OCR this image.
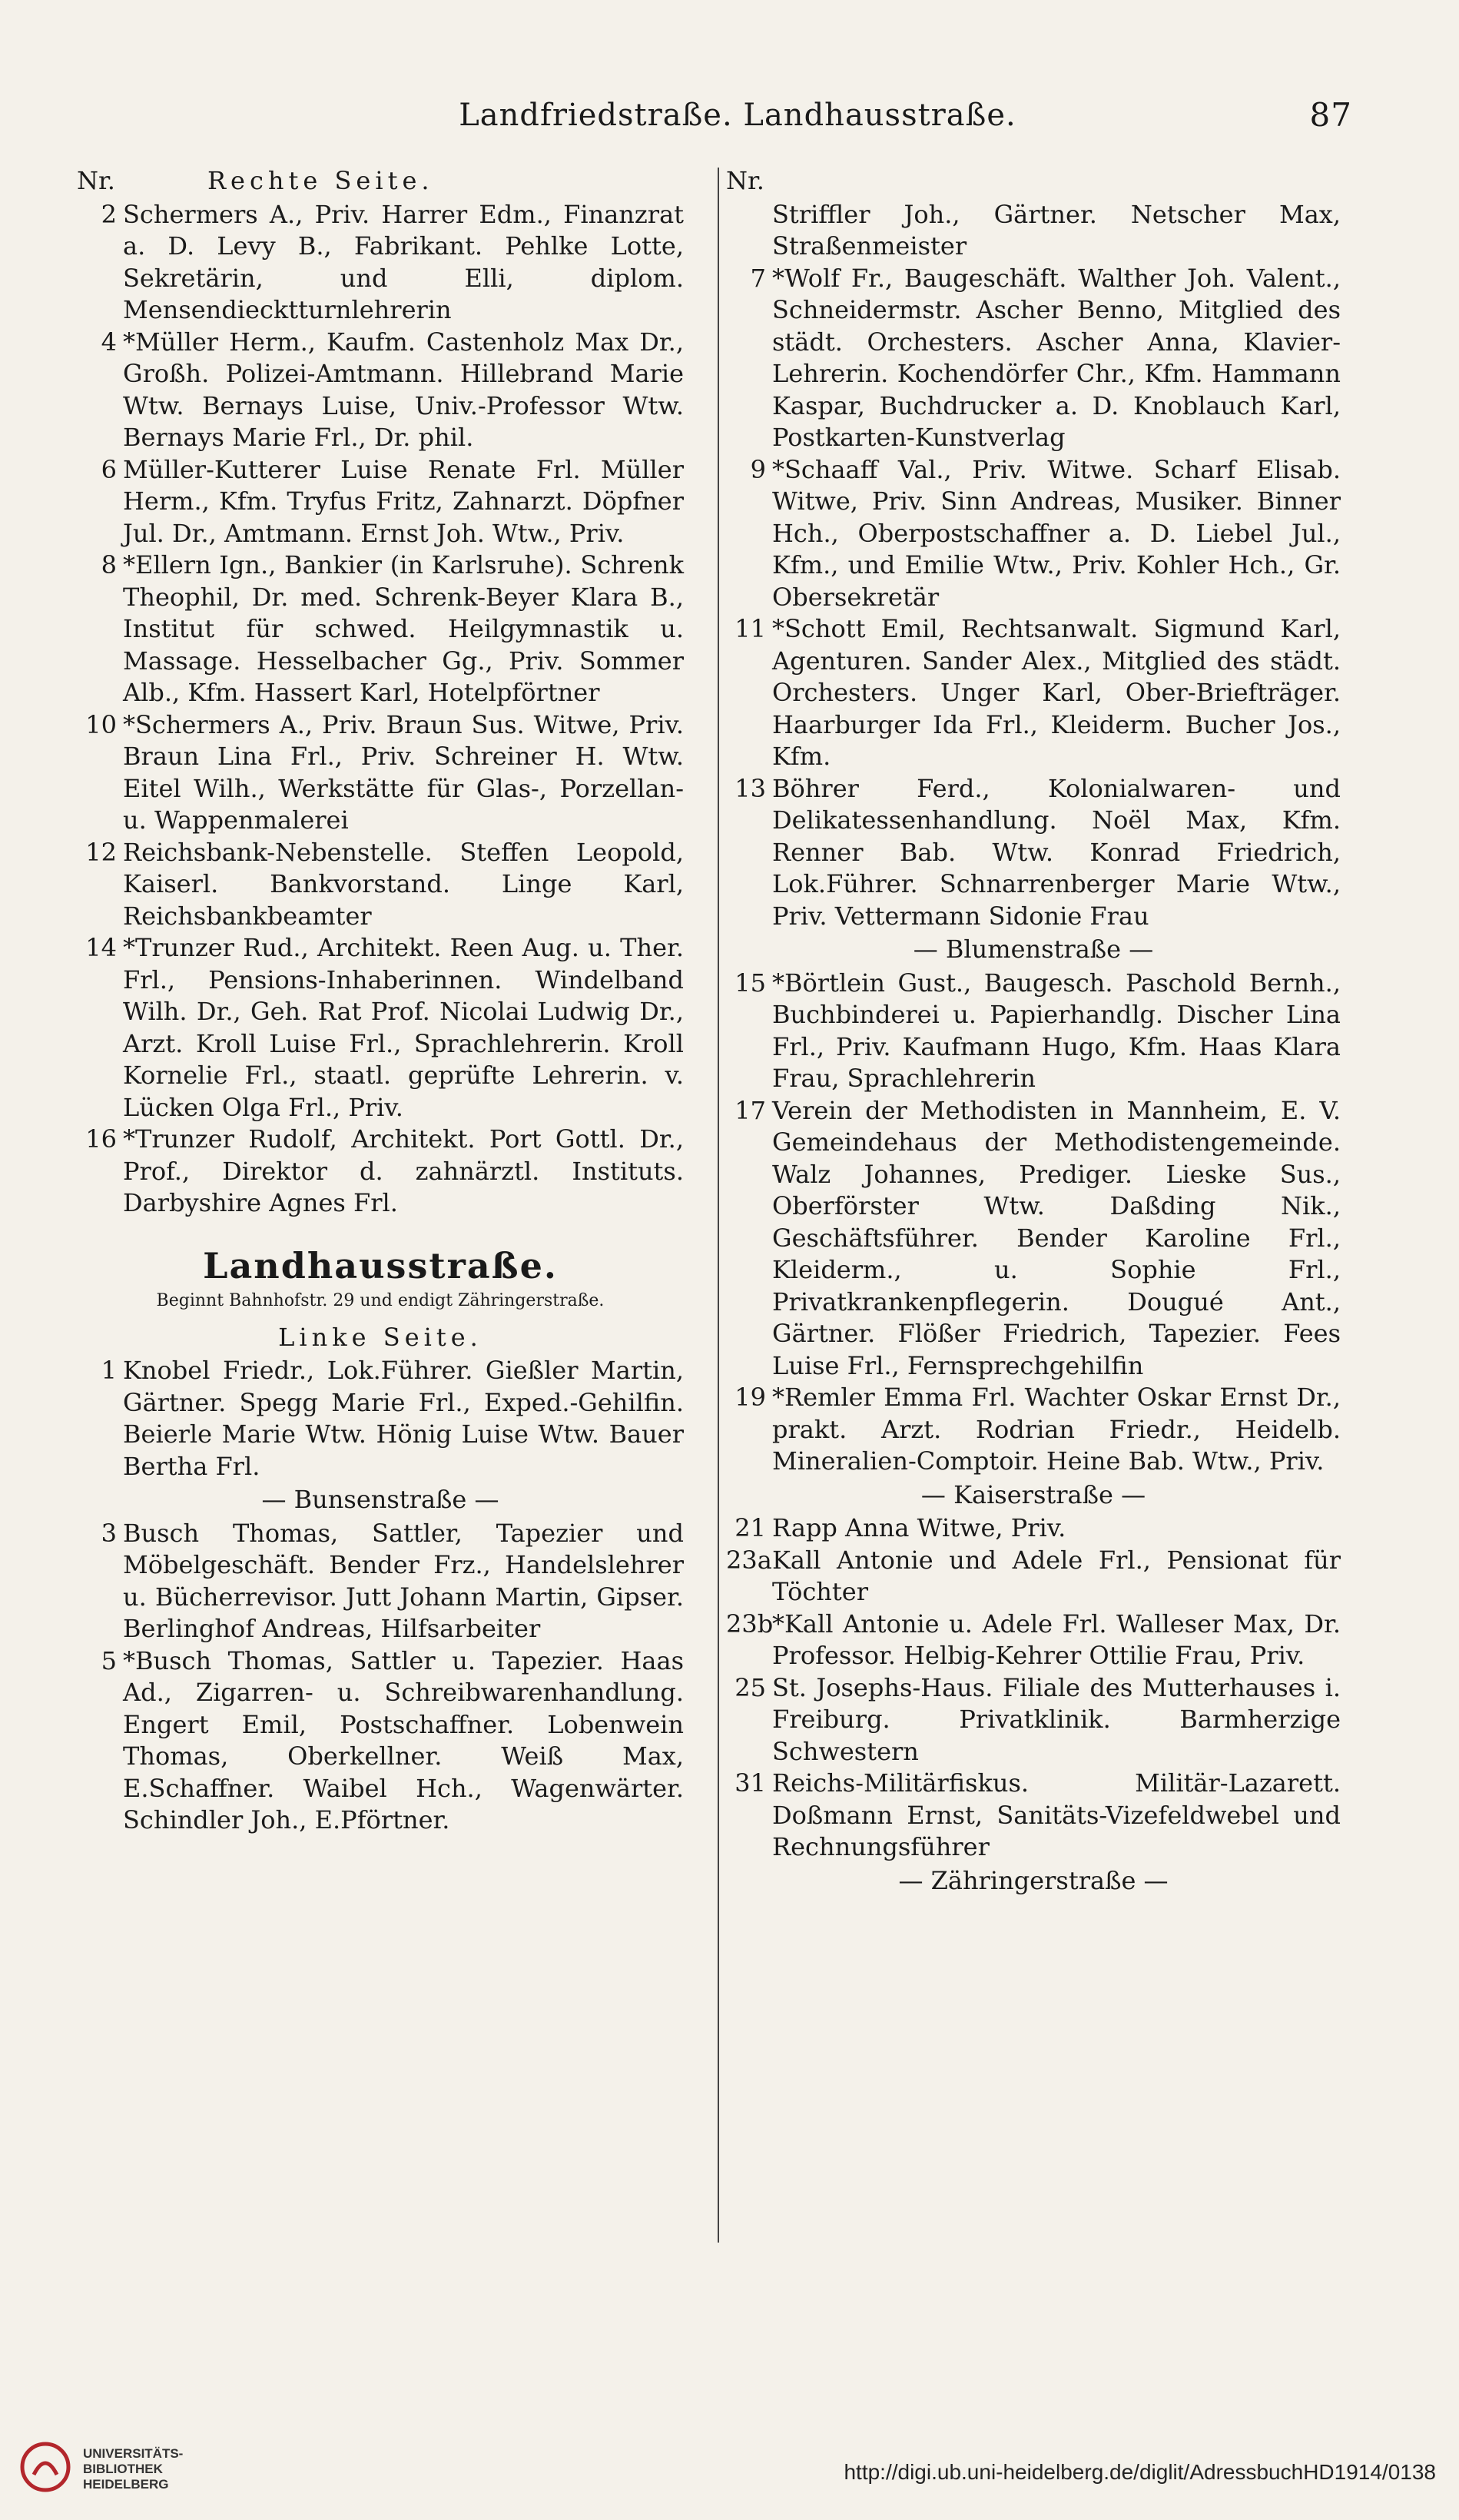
Landfriedstraße. Landhausstraße.	87
Nr.	Rechte Seite.
2 Schermers A., Priv. Harrer Edm., Finanzrat a. D. Levy B., Fabrikant. Pehlke Lotte, Sekretärin, und Elli, diplom. Mensendiecktturnlehrerin
4 *Müller Herm., Kaufm. Castenholz Max Dr., Großh. Polizei-Amtmann. Hillebrand Marie Wtw. Bernays Luise, Univ.-Professor Wtw. Bernays Marie Frl., Dr. phil.
6 Müller-Kutterer Luise Renate Frl. Müller Herm., Kfm. Tryfus Fritz, Zahnarzt. Döpfner Jul. Dr., Amtmann. Ernst Joh. Wtw., Priv.
8 *Ellern Ign., Bankier (in Karlsruhe). Schrenk Theophil, Dr. med. Schrenk-Beyer Klara B., Institut für schwed. Heilgymnastik u. Massage. Hesselbacher Gg., Priv. Sommer Alb., Kfm. Hassert Karl, Hotelpförtner
10 *Schermers A., Priv. Braun Sus. Witwe, Priv. Braun Lina Frl., Priv. Schreiner H. Wtw. Eitel Wilh., Werkstätte für Glas-, Porzellan- u. Wappenmalerei
12 Reichsbank-Nebenstelle. Steffen Leopold, Kaiserl. Bankvorstand. Linge Karl, Reichsbankbeamter
14 *Trunzer Rud., Architekt. Reen Aug. u. Ther. Frl., Pensions-Inhaberinnen. Windelband Wilh. Dr., Geh. Rat Prof. Nicolai Ludwig Dr., Arzt. Kroll Luise Frl., Sprachlehrerin. Kroll Kornelie Frl., staatl. geprüfte Lehrerin. v. Lücken Olga Frl., Priv.
16 *Trunzer Rudolf, Architekt. Port Gottl. Dr., Prof., Direktor d. zahnärztl. Instituts. Darbyshire Agnes Frl.
Landhausstraße.
Beginnt Bahnhofstr. 29 und endigt Zähringerstraße.
Linke Seite.
1 Knobel Friedr., Lok.Führer. Gießler Martin, Gärtner. Spegg Marie Frl., Exped.-Gehilfin. Beierle Marie Wtw. Hönig Luise Wtw. Bauer Bertha Frl.
— Bunsenstraße —
3 Busch Thomas, Sattler, Tapezier und Möbelgeschäft. Bender Frz., Handelslehrer u. Bücherrevisor. Jutt Johann Martin, Gipser. Berlinghof Andreas, Hilfsarbeiter
5 *Busch Thomas, Sattler u. Tapezier. Haas Ad., Zigarren- u. Schreibwarenhandlung. Engert Emil, Postschaffner. Lobenwein Thomas, Oberkellner. Weiß Max, E.Schaffner. Waibel Hch., Wagenwärter. Schindler Joh., E.Pförtner.
Nr.
Striffler Joh., Gärtner. Netscher Max, Straßenmeister
7 *Wolf Fr., Baugeschäft. Walther Joh. Valent., Schneidermstr. Ascher Benno, Mitglied des städt. Orchesters. Ascher Anna, Klavier-Lehrerin. Kochendörfer Chr., Kfm. Hammann Kaspar, Buchdrucker a. D. Knoblauch Karl, Postkarten-Kunstverlag
9 *Schaaff Val., Priv. Witwe. Scharf Elisab. Witwe, Priv. Sinn Andreas, Musiker. Binner Hch., Oberpostschaffner a. D. Liebel Jul., Kfm., und Emilie Wtw., Priv. Kohler Hch., Gr. Obersekretär
11 *Schott Emil, Rechtsanwalt. Sigmund Karl, Agenturen. Sander Alex., Mitglied des städt. Orchesters. Unger Karl, Ober-Briefträger. Haarburger Ida Frl., Kleiderm. Bucher Jos., Kfm.
13 Böhrer Ferd., Kolonialwaren- und Delikatessenhandlung. Noël Max, Kfm. Renner Bab. Wtw. Konrad Friedrich, Lok.Führer. Schnarrenberger Marie Wtw., Priv. Vettermann Sidonie Frau
— Blumenstraße —
15 *Börtlein Gust., Baugesch. Paschold Bernh., Buchbinderei u. Papierhandlg. Discher Lina Frl., Priv. Kaufmann Hugo, Kfm. Haas Klara Frau, Sprachlehrerin
17 Verein der Methodisten in Mannheim, E. V. Gemeindehaus der Methodistengemeinde. Walz Johannes, Prediger. Lieske Sus., Oberförster Wtw. Daßding Nik., Geschäftsführer. Bender Karoline Frl., Kleiderm., u. Sophie Frl., Privatkrankenpflegerin. Dougué Ant., Gärtner. Flößer Friedrich, Tapezier. Fees Luise Frl., Fernsprechgehilfin
19 *Remler Emma Frl. Wachter Oskar Ernst Dr., prakt. Arzt. Rodrian Friedr., Heidelb. Mineralien-Comptoir. Heine Bab. Wtw., Priv.
— Kaiserstraße —
21 Rapp Anna Witwe, Priv.
23a Kall Antonie und Adele Frl., Pensionat für Töchter
23b
*Kall Antonie u. Adele Frl. Walleser Max, Dr. Professor. Helbig-Kehrer Ottilie Frau, Priv.
25 St. Josephs-Haus. Filiale des Mutterhauses i. Freiburg. Privatklinik. Barmherzige Schwestern
31 Reichs-Militärfiskus. Militär-Lazarett. Doßmann Ernst, Sanitäts-Vizefeldwebel und Rechnungsführer
— Zähringerstraße —
UNIVERSITÄTS-
BIBLIOTHEK
HEIDELBERG
http://digi.ub.uni-heidelberg.de/diglit/AdressbuchHD1914/0138
